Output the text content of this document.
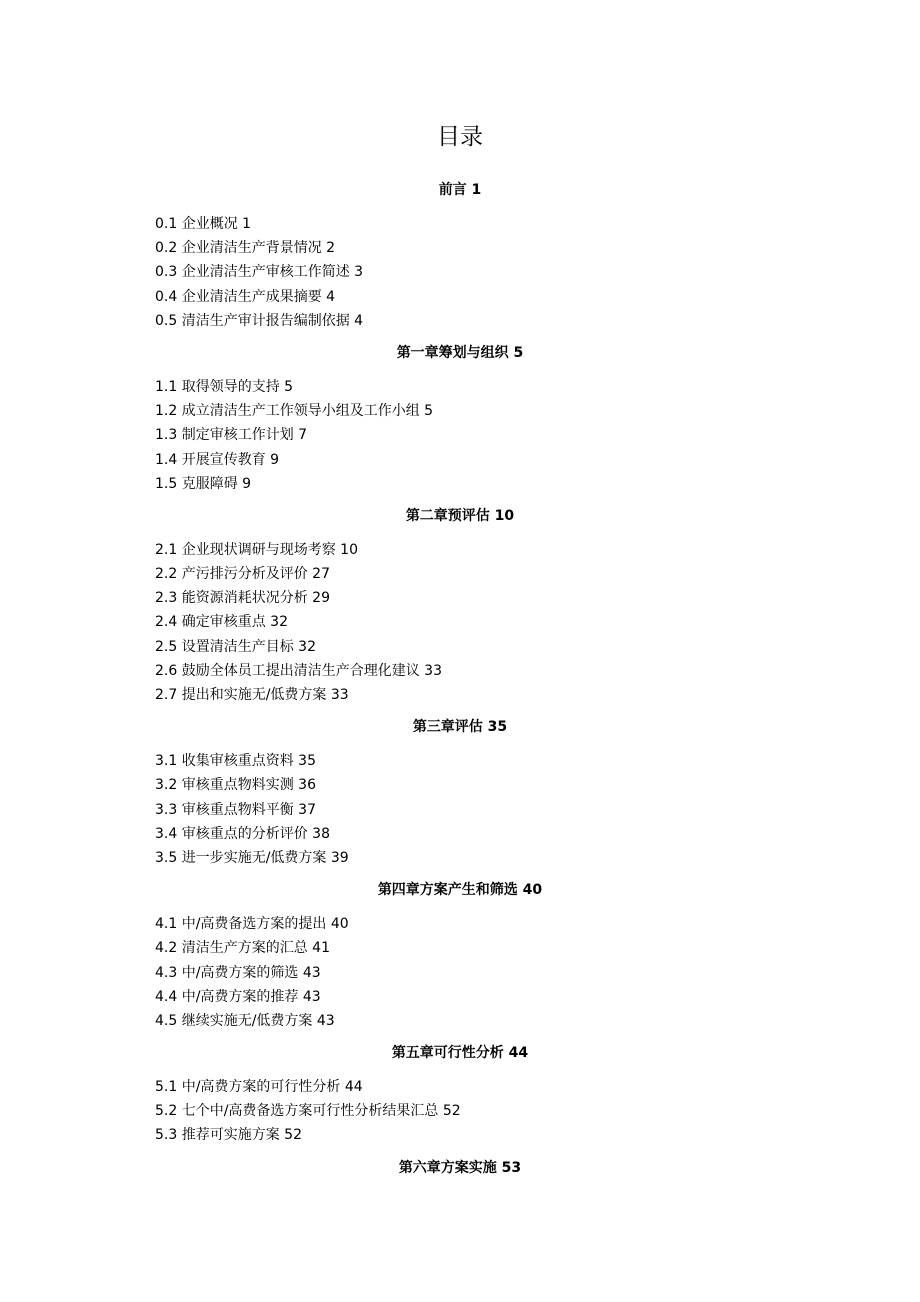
目录
前言 1
0.1 企业概况 1
0.2 企业清洁生产背景情况 2
0.3 企业清洁生产审核工作简述 3
0.4 企业清洁生产成果摘要 4
0.5 清洁生产审计报告编制依据 4
第一章筹划与组织 5
1.1 取得领导的支持 5
1.2 成立清洁生产工作领导小组及工作小组 5
1.3 制定审核工作计划 7
1.4 开展宣传教育 9
1.5 克服障碍 9
第二章预评估 10
2.1 企业现状调研与现场考察 10
2.2 产污排污分析及评价 27
2.3 能资源消耗状况分析 29
2.4 确定审核重点 32
2.5 设置清洁生产目标 32
2.6 鼓励全体员工提出清洁生产合理化建议 33
2.7 提出和实施无/低费方案 33
第三章评估 35
3.1 收集审核重点资料 35
3.2 审核重点物料实测 36
3.3 审核重点物料平衡 37
3.4 审核重点的分析评价 38
3.5 进一步实施无/低费方案 39
第四章方案产生和筛选 40
4.1 中/高费备选方案的提出 40
4.2 清洁生产方案的汇总 41
4.3 中/高费方案的筛选 43
4.4 中/高费方案的推荐 43
4.5 继续实施无/低费方案 43
第五章可行性分析 44
5.1 中/高费方案的可行性分析 44
5.2 七个中/高费备选方案可行性分析结果汇总 52
5.3 推荐可实施方案 52
第六章方案实施 53
